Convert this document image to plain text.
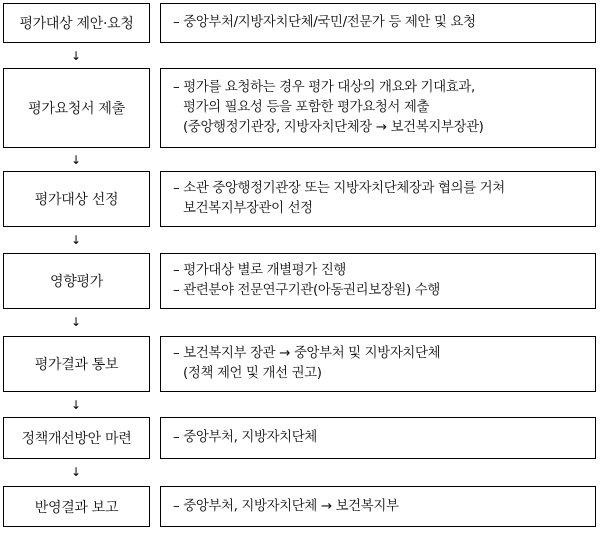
평가대상 제안·요청	– 중앙부처/지방자치단체/국민/전문가 등 제안 및 요청
↓
평가요청서 제출
– 평가를 요청하는 경우 평가 대상의 개요와 기대효과,
평가의 필요성 등을 포함한 평가요청서 제출
(중앙행정기관장, 지방자치단체장 → 보건복지부장관)
↓
평가대상 선정
– 소관 중앙행정기관장 또는 지방자치단체장과 협의를 거쳐
보건복지부장관이 선정
↓
영향평가
– 평가대상 별로 개별평가 진행
– 관련분야 전문연구기관(아동권리보장원) 수행
↓
평가결과 통보
– 보건복지부 장관 → 중앙부처 및 지방자치단체
(정책 제언 및 개선 권고)
↓
정책개선방안 마련	– 중앙부처, 지방자치단체
↓
반영결과 보고	– 중앙부처, 지방자치단체 → 보건복지부
